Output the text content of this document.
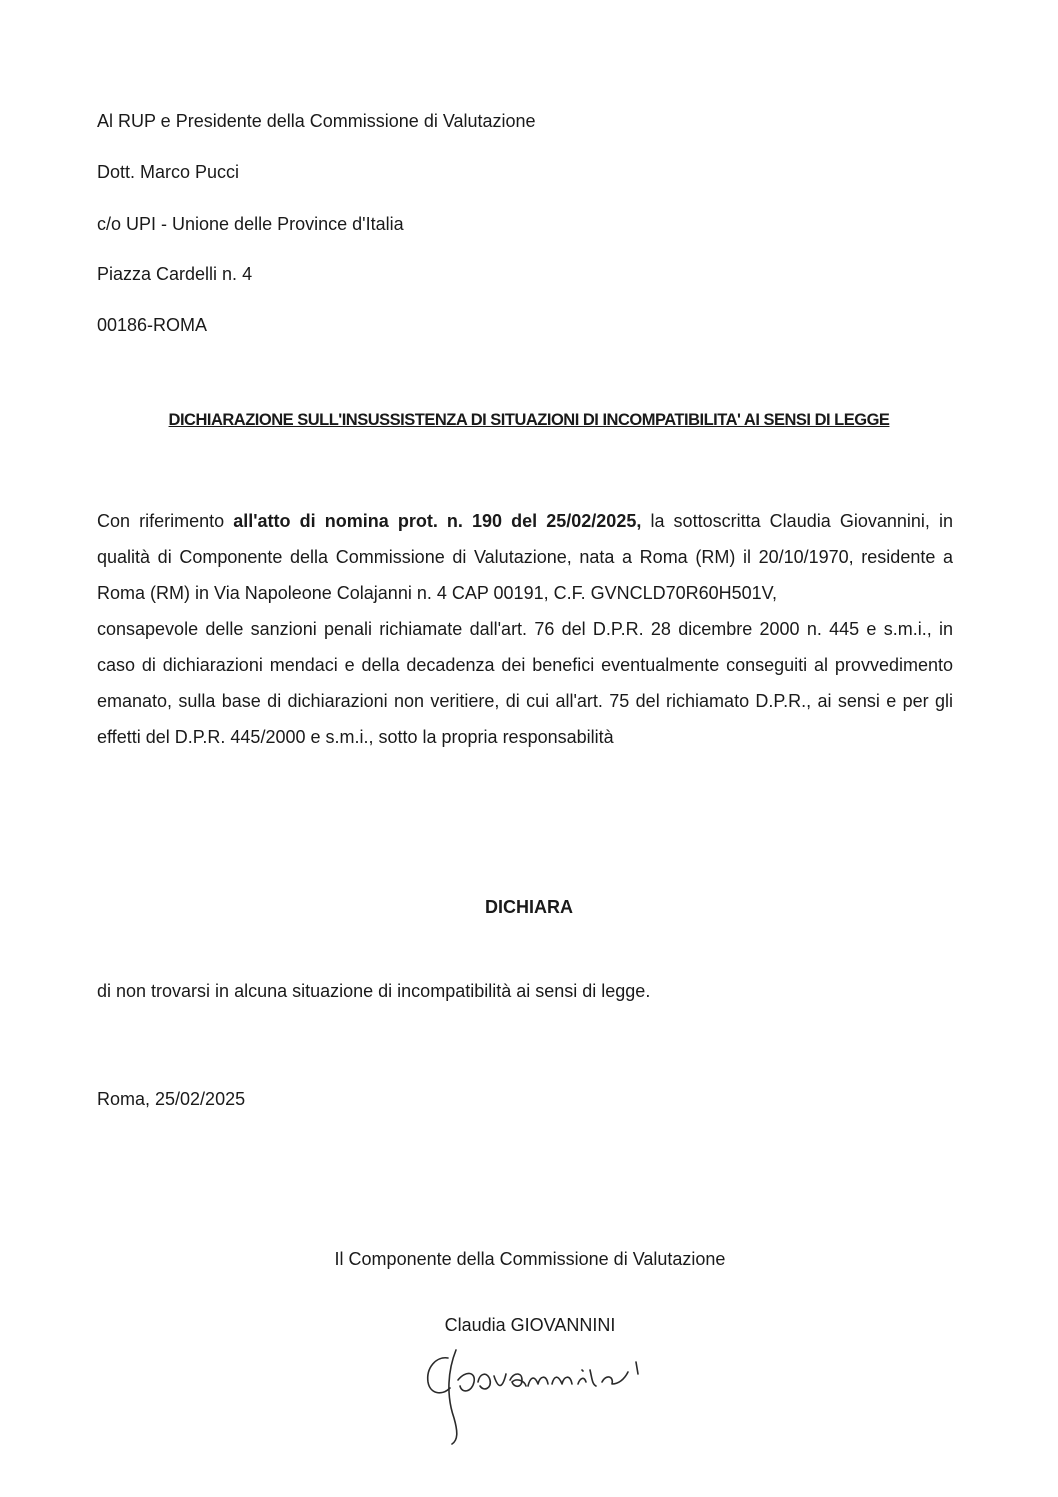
Al RUP e Presidente della Commissione di Valutazione
Dott. Marco Pucci
c/o UPI - Unione delle Province d'Italia
Piazza Cardelli n. 4
00186-ROMA
DICHIARAZIONE SULL'INSUSSISTENZA DI SITUAZIONI DI INCOMPATIBILITA' AI SENSI DI LEGGE

Con riferimento all'atto di nomina prot. n. 190 del 25/02/2025, la sottoscritta Claudia Giovannini, in qualità di Componente della Commissione di Valutazione, nata a Roma (RM) il 20/10/1970, residente a Roma (RM) in Via Napoleone Colajanni n. 4 CAP 00191, C.F. GVNCLD70R60H501V,

consapevole delle sanzioni penali richiamate dall'art. 76 del D.P.R. 28 dicembre 2000 n. 445 e s.m.i., in caso di dichiarazioni mendaci e della decadenza dei benefici eventualmente conseguiti al provvedimento emanato, sulla base di dichiarazioni non veritiere, di cui all'art. 75 del richiamato D.P.R., ai sensi e per gli effetti del D.P.R. 445/2000 e s.m.i., sotto la propria responsabilità

DICHIARA
di non trovarsi in alcuna situazione di incompatibilità ai sensi di legge.
Roma, 25/02/2025
Il Componente della Commissione di Valutazione
Claudia GIOVANNINI
